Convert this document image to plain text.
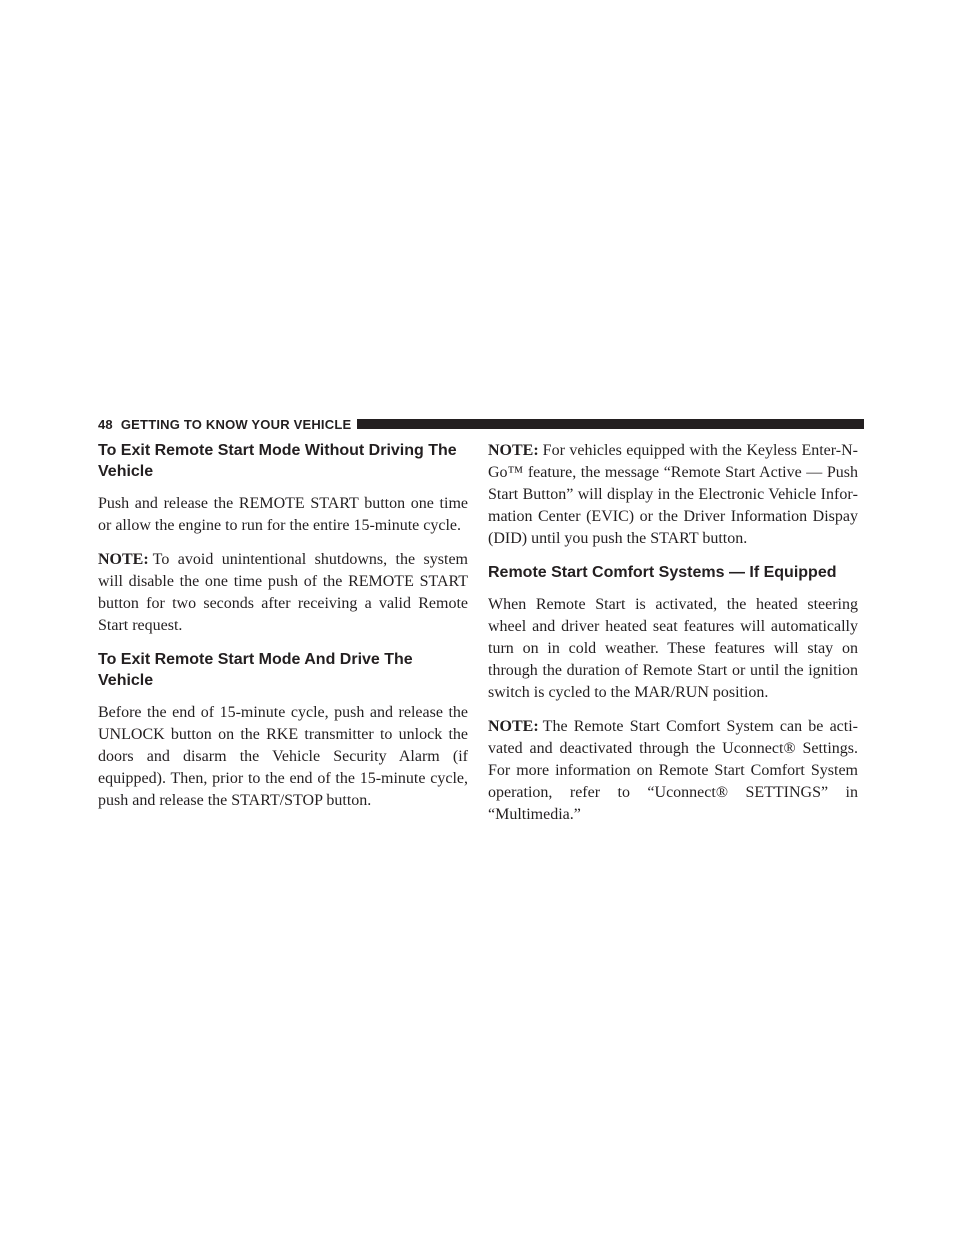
48 GETTING TO KNOW YOUR VEHICLE
To Exit Remote Start Mode Without Driving The Vehicle

Push and release the REMOTE START button one time or allow the engine to run for the entire 15-minute cycle.

NOTE: To avoid unintentional shutdowns, the system will disable the one time push of the REMOTE START button for two seconds after receiving a valid Remote Start request.

To Exit Remote Start Mode And Drive The Vehicle

Before the end of 15-minute cycle, push and release the UNLOCK button on the RKE transmitter to unlock the doors and disarm the Vehicle Security Alarm (if equipped). Then, prior to the end of the 15-minute cycle, push and release the START/STOP button.

NOTE: For vehicles equipped with the Keyless Enter-N-Go™ feature, the message “Remote Start Active — Push Start Button” will display in the Electronic Vehicle Information Center (EVIC) or the Driver Information Dispay (DID) until you push the START button.

Remote Start Comfort Systems — If Equipped

When Remote Start is activated, the heated steering wheel and driver heated seat features will automatically turn on in cold weather. These features will stay on through the duration of Remote Start or until the ignition switch is cycled to the MAR/RUN position.

NOTE: The Remote Start Comfort System can be activated and deactivated through the Uconnect® Settings. For more information on Remote Start Comfort System operation, refer to “Uconnect® SETTINGS” in “Multimedia.”
